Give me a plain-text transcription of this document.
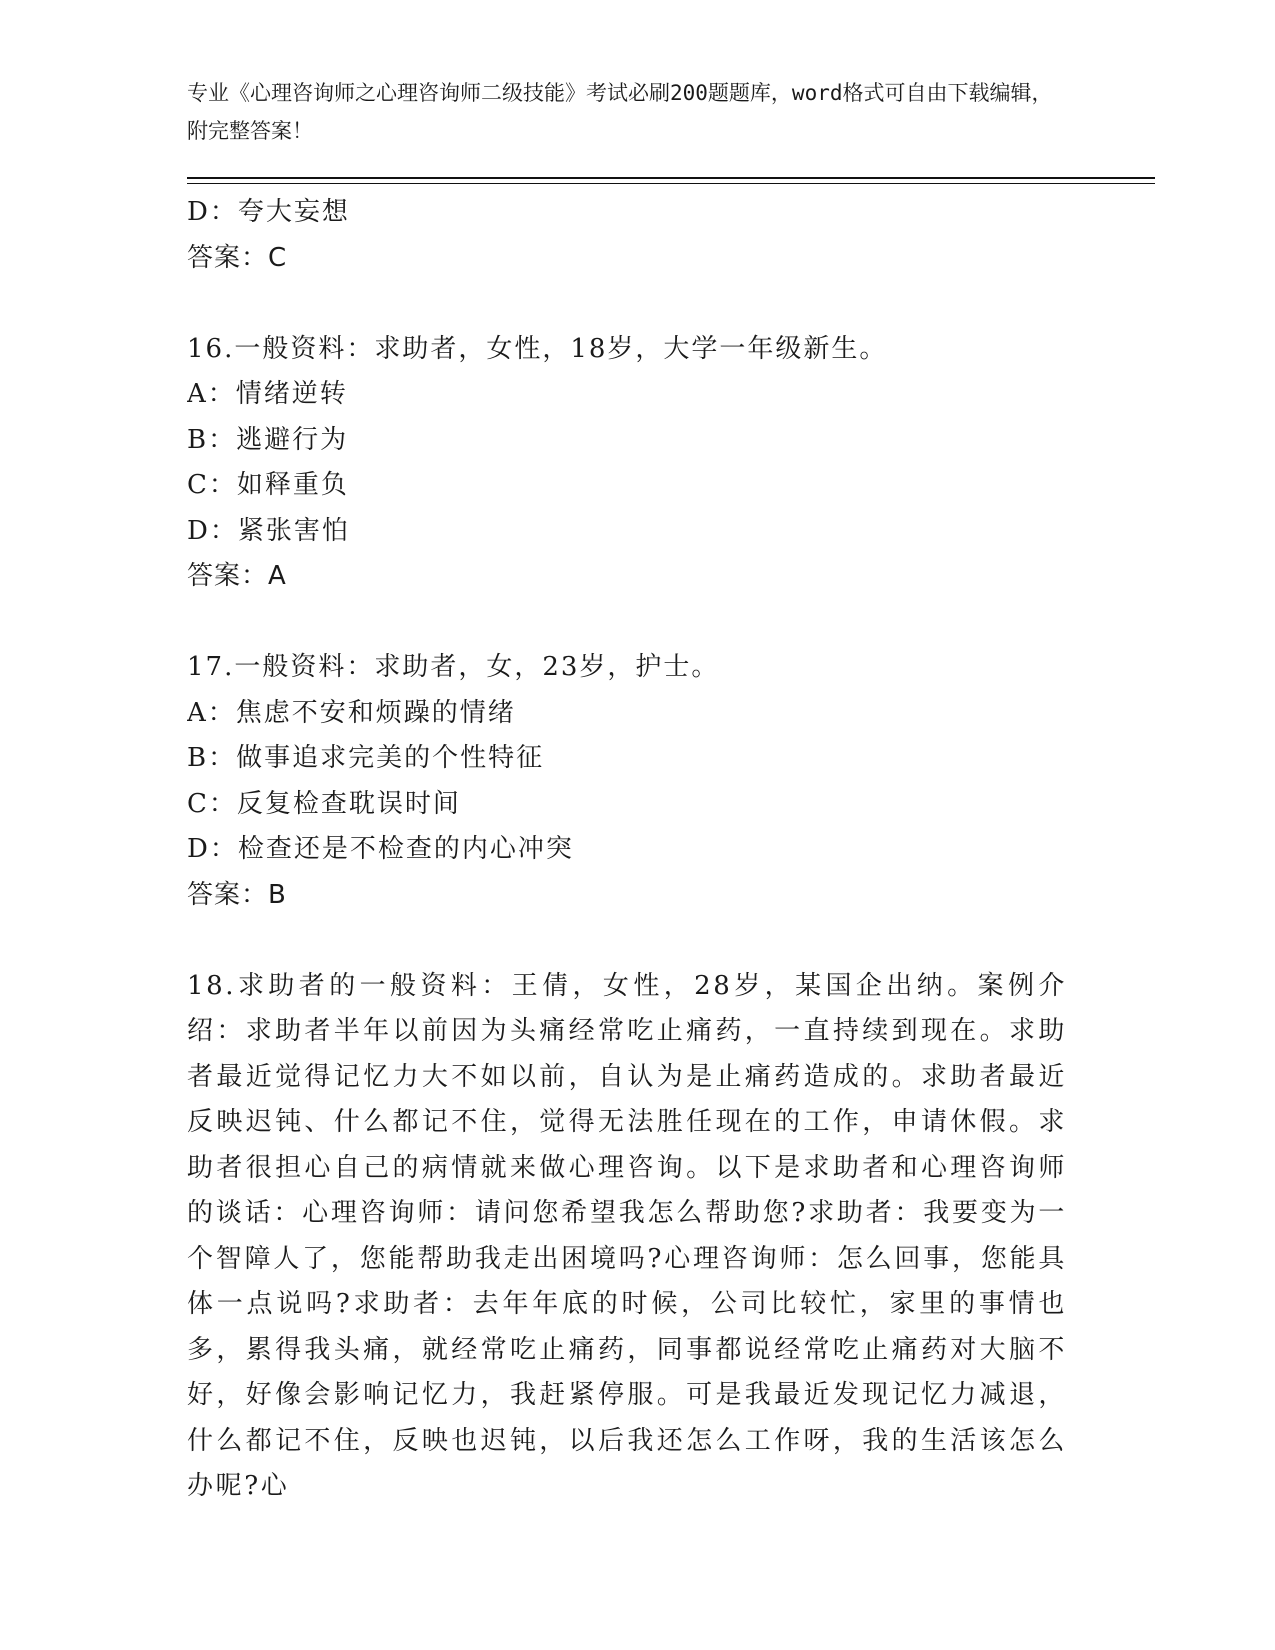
专业《心理咨询师之心理咨询师二级技能》考试必刷200题题库，word格式可自由下载编辑，附完整答案！
D：夸大妄想
答案：C
16.一般资料：求助者，女性，18岁，大学一年级新生。
A：情绪逆转
B：逃避行为
C：如释重负
D：紧张害怕
答案：A
17.一般资料：求助者，女，23岁，护士。
A：焦虑不安和烦躁的情绪
B：做事追求完美的个性特征
C：反复检查耽误时间
D：检查还是不检查的内心冲突
答案：B
18.求助者的一般资料：王倩，女性，28岁，某国企出纳。案例介绍：求助者半年以前因为头痛经常吃止痛药，一直持续到现在。求助者最近觉得记忆力大不如以前，自认为是止痛药造成的。求助者最近反映迟钝、什么都记不住，觉得无法胜任现在的工作，申请休假。求助者很担心自己的病情就来做心理咨询。以下是求助者和心理咨询师的谈话：心理咨询师：请问您希望我怎么帮助您?求助者：我要变为一个智障人了，您能帮助我走出困境吗?心理咨询师：怎么回事，您能具体一点说吗?求助者：去年年底的时候，公司比较忙，家里的事情也多，累得我头痛，就经常吃止痛药，同事都说经常吃止痛药对大脑不好，好像会影响记忆力，我赶紧停服。可是我最近发现记忆力减退，什么都记不住，反映也迟钝，以后我还怎么工作呀，我的生活该怎么办呢?心
